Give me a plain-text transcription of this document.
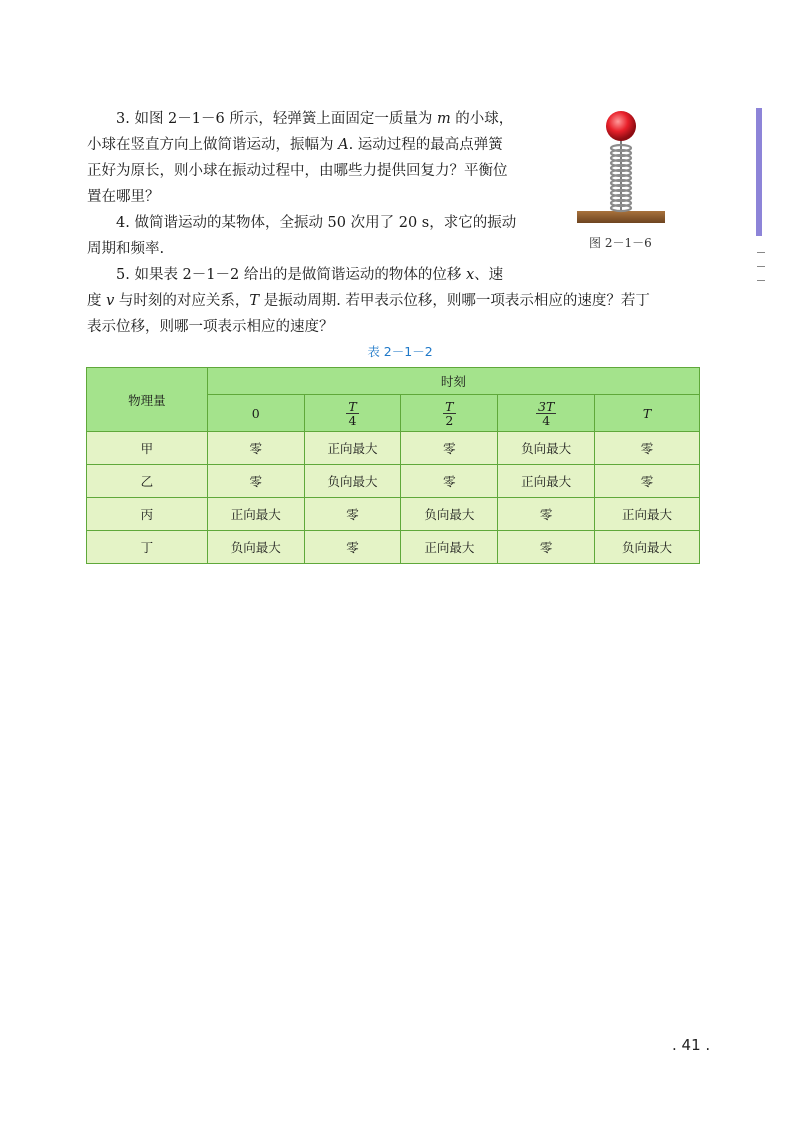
3. 如图 2－1－6 所示，轻弹簧上面固定一质量为 m 的小球，
小球在竖直方向上做简谐运动，振幅为 A. 运动过程的最高点弹簧
正好为原长，则小球在振动过程中，由哪些力提供回复力？平衡位
置在哪里？

4. 做简谐运动的某物体，全振动 50 次用了 20 s，求它的振动
周期和频率.

5. 如果表 2－1－2 给出的是做简谐运动的物体的位移 x、速
度 v 与时刻的对应关系，T 是振动周期. 若甲表示位移，则哪一项表示相应的速度？若丁
表示位移，则哪一项表示相应的速度？

图 2－1－6
表 2－1－2
物理量	时刻				
	0	$\frac{T}{4}$	$\frac{T}{2}$	$\frac{3T}{4}$	T
甲	零	正向最大	零	负向最大	零
乙	零	负向最大	零	正向最大	零
丙	正向最大	零	负向最大	零	正向最大
丁	负向最大	零	正向最大	零	负向最大
. 41 .
